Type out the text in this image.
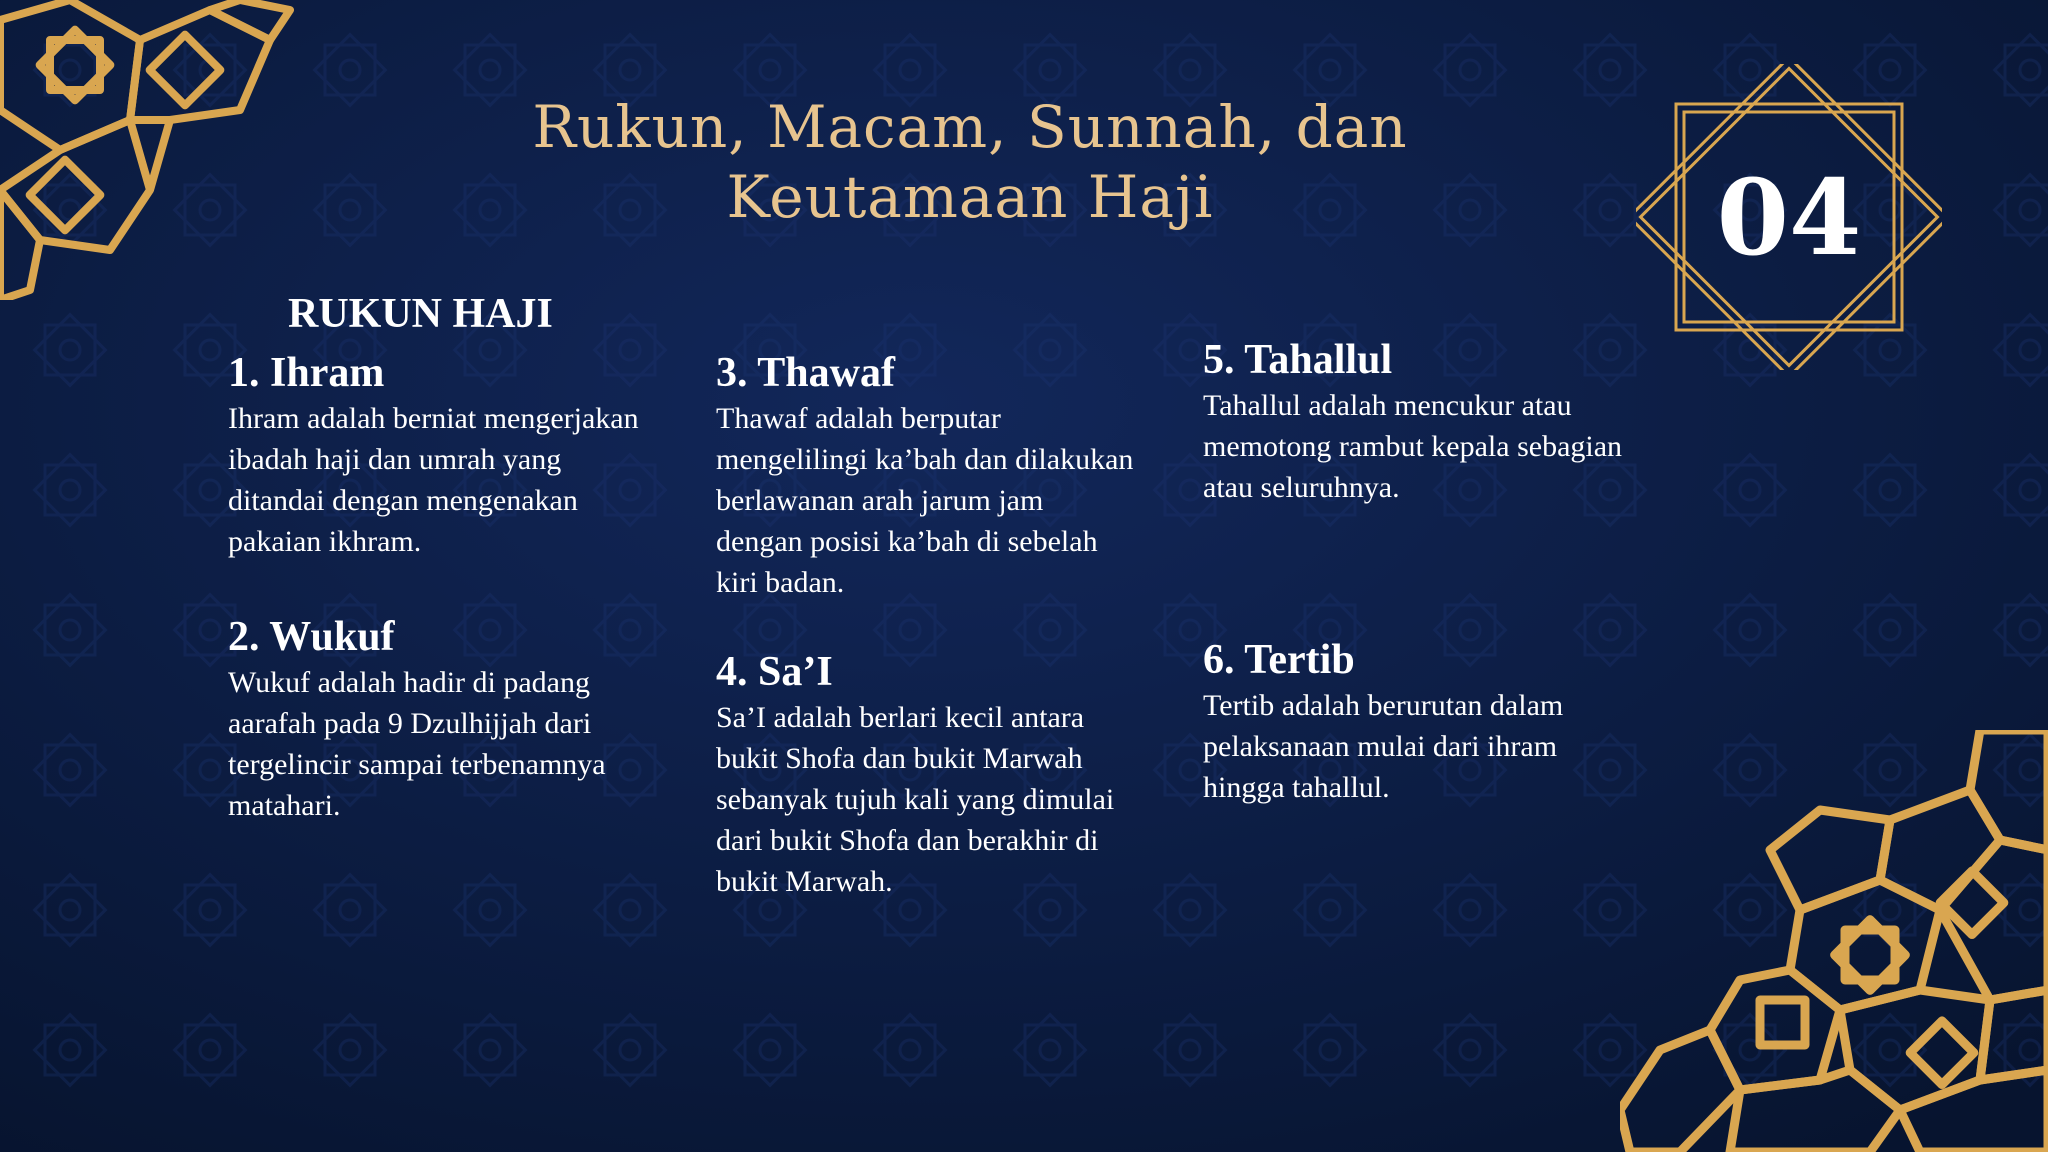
Rukun, Macam, Sunnah, dan Keutamaan Haji	04
RUKUN HAJI
1. Ihram

Ihram adalah berniat mengerjakan ibadah haji dan umrah yang ditandai dengan mengenakan pakaian ikhram.

2. Wukuf

Wukuf adalah hadir di padang aarafah pada 9 Dzulhijjah dari tergelincir sampai terbenamnya matahari.

3. Thawaf

Thawaf adalah berputar mengelilingi ka’bah dan dilakukan berlawanan arah jarum jam dengan posisi ka’bah di sebelah kiri badan.

4. Sa’I

Sa’I adalah berlari kecil antara bukit Shofa dan bukit Marwah sebanyak tujuh kali yang dimulai dari bukit Shofa dan berakhir di bukit Marwah.

5. Tahallul

Tahallul adalah mencukur atau memotong rambut kepala sebagian atau seluruhnya.

6. Tertib

Tertib adalah berurutan dalam pelaksanaan mulai dari ihram hingga tahallul.
